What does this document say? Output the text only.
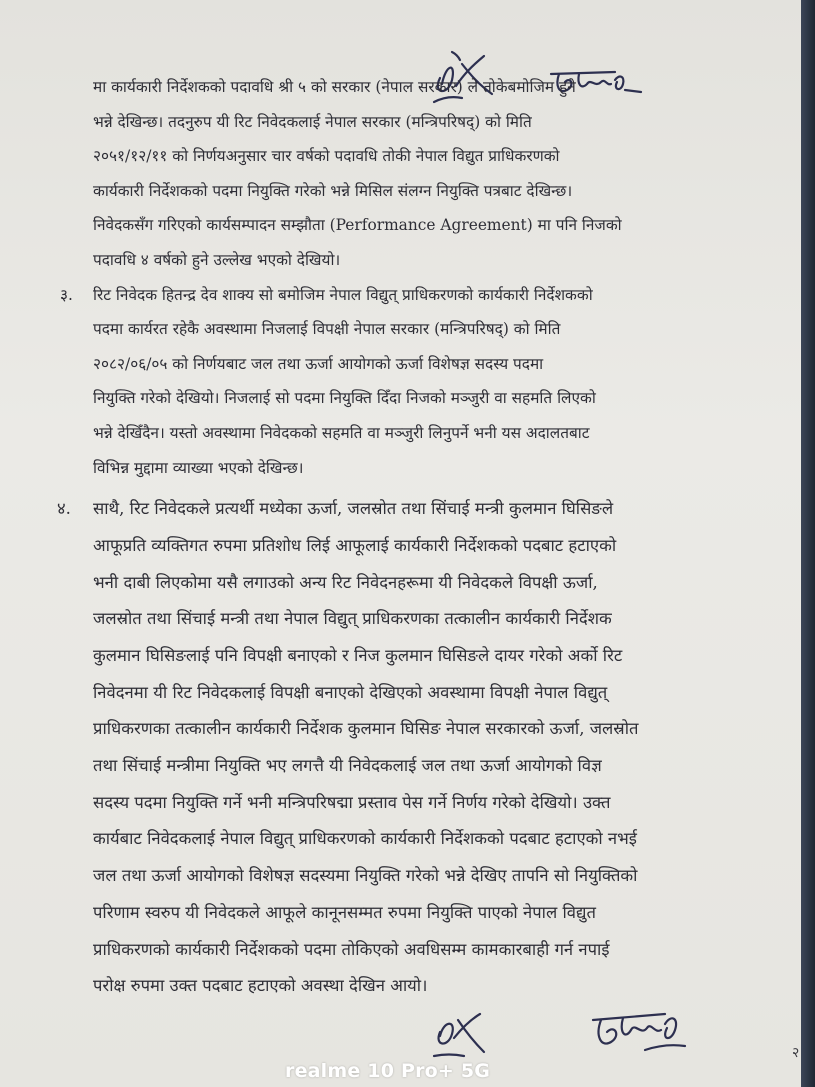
मा कार्यकारी निर्देशकको पदावधि श्री ५ को सरकार (नेपाल सरकार) ले तोकेबमोजिम हुने
भन्ने देखिन्छ। तदनुरुप यी रिट निवेदकलाई नेपाल सरकार (मन्त्रिपरिषद्) को मिति
२०५१/१२/११ को निर्णयअनुसार चार वर्षको पदावधि तोकी नेपाल विद्युत प्राधिकरणको
कार्यकारी निर्देशकको पदमा नियुक्ति गरेको भन्ने मिसिल संलग्न नियुक्ति पत्रबाट देखिन्छ।
निवेदकसँग गरिएको कार्यसम्पादन सम्झौता (Performance Agreement) मा पनि निजको
पदावधि ४ वर्षको हुने उल्लेख भएको देखियो।
३. रिट निवेदक हितन्द्र देव शाक्य सो बमोजिम नेपाल विद्युत् प्राधिकरणको कार्यकारी निर्देशकको
पदमा कार्यरत रहेकै अवस्थामा निजलाई विपक्षी नेपाल सरकार (मन्त्रिपरिषद्) को मिति
२०८२/०६/०५ को निर्णयबाट जल तथा ऊर्जा आयोगको ऊर्जा विशेषज्ञ सदस्य पदमा
नियुक्ति गरेको देखियो। निजलाई सो पदमा नियुक्ति दिँदा निजको मञ्जुरी वा सहमति लिएको
भन्ने देखिँदैन। यस्तो अवस्थामा निवेदकको सहमति वा मञ्जुरी लिनुपर्ने भनी यस अदालतबाट
विभिन्न मुद्दामा व्याख्या भएको देखिन्छ।
४. साथै, रिट निवेदकले प्रत्यर्थी मध्येका ऊर्जा, जलस्रोत तथा सिंचाई मन्त्री कुलमान घिसिङले
आफूप्रति व्यक्तिगत रुपमा प्रतिशोध लिई आफूलाई कार्यकारी निर्देशकको पदबाट हटाएको
भनी दाबी लिएकोमा यसै लगाउको अन्य रिट निवेदनहरूमा यी निवेदकले विपक्षी ऊर्जा,
जलस्रोत तथा सिंचाई मन्त्री तथा नेपाल विद्युत् प्राधिकरणका तत्कालीन कार्यकारी निर्देशक
कुलमान घिसिङलाई पनि विपक्षी बनाएको र निज कुलमान घिसिङले दायर गरेको अर्को रिट
निवेदनमा यी रिट निवेदकलाई विपक्षी बनाएको देखिएको अवस्थामा विपक्षी नेपाल विद्युत्
प्राधिकरणका तत्कालीन कार्यकारी निर्देशक कुलमान घिसिङ नेपाल सरकारको ऊर्जा, जलस्रोत
तथा सिंचाई मन्त्रीमा नियुक्ति भए लगत्तै यी निवेदकलाई जल तथा ऊर्जा आयोगको विज्ञ
सदस्य पदमा नियुक्ति गर्ने भनी मन्त्रिपरिषद्मा प्रस्ताव पेस गर्ने निर्णय गरेको देखियो। उक्त
कार्यबाट निवेदकलाई नेपाल विद्युत् प्राधिकरणको कार्यकारी निर्देशकको पदबाट हटाएको नभई
जल तथा ऊर्जा आयोगको विशेषज्ञ सदस्यमा नियुक्ति गरेको भन्ने देखिए तापनि सो नियुक्तिको
परिणाम स्वरुप यी निवेदकले आफूले कानूनसम्मत रुपमा नियुक्ति पाएको नेपाल विद्युत
प्राधिकरणको कार्यकारी निर्देशकको पदमा तोकिएको अवधिसम्म कामकारबाही गर्न नपाई
परोक्ष रुपमा उक्त पदबाट हटाएको अवस्था देखिन आयो।
२
realme 10 Pro+ 5G
